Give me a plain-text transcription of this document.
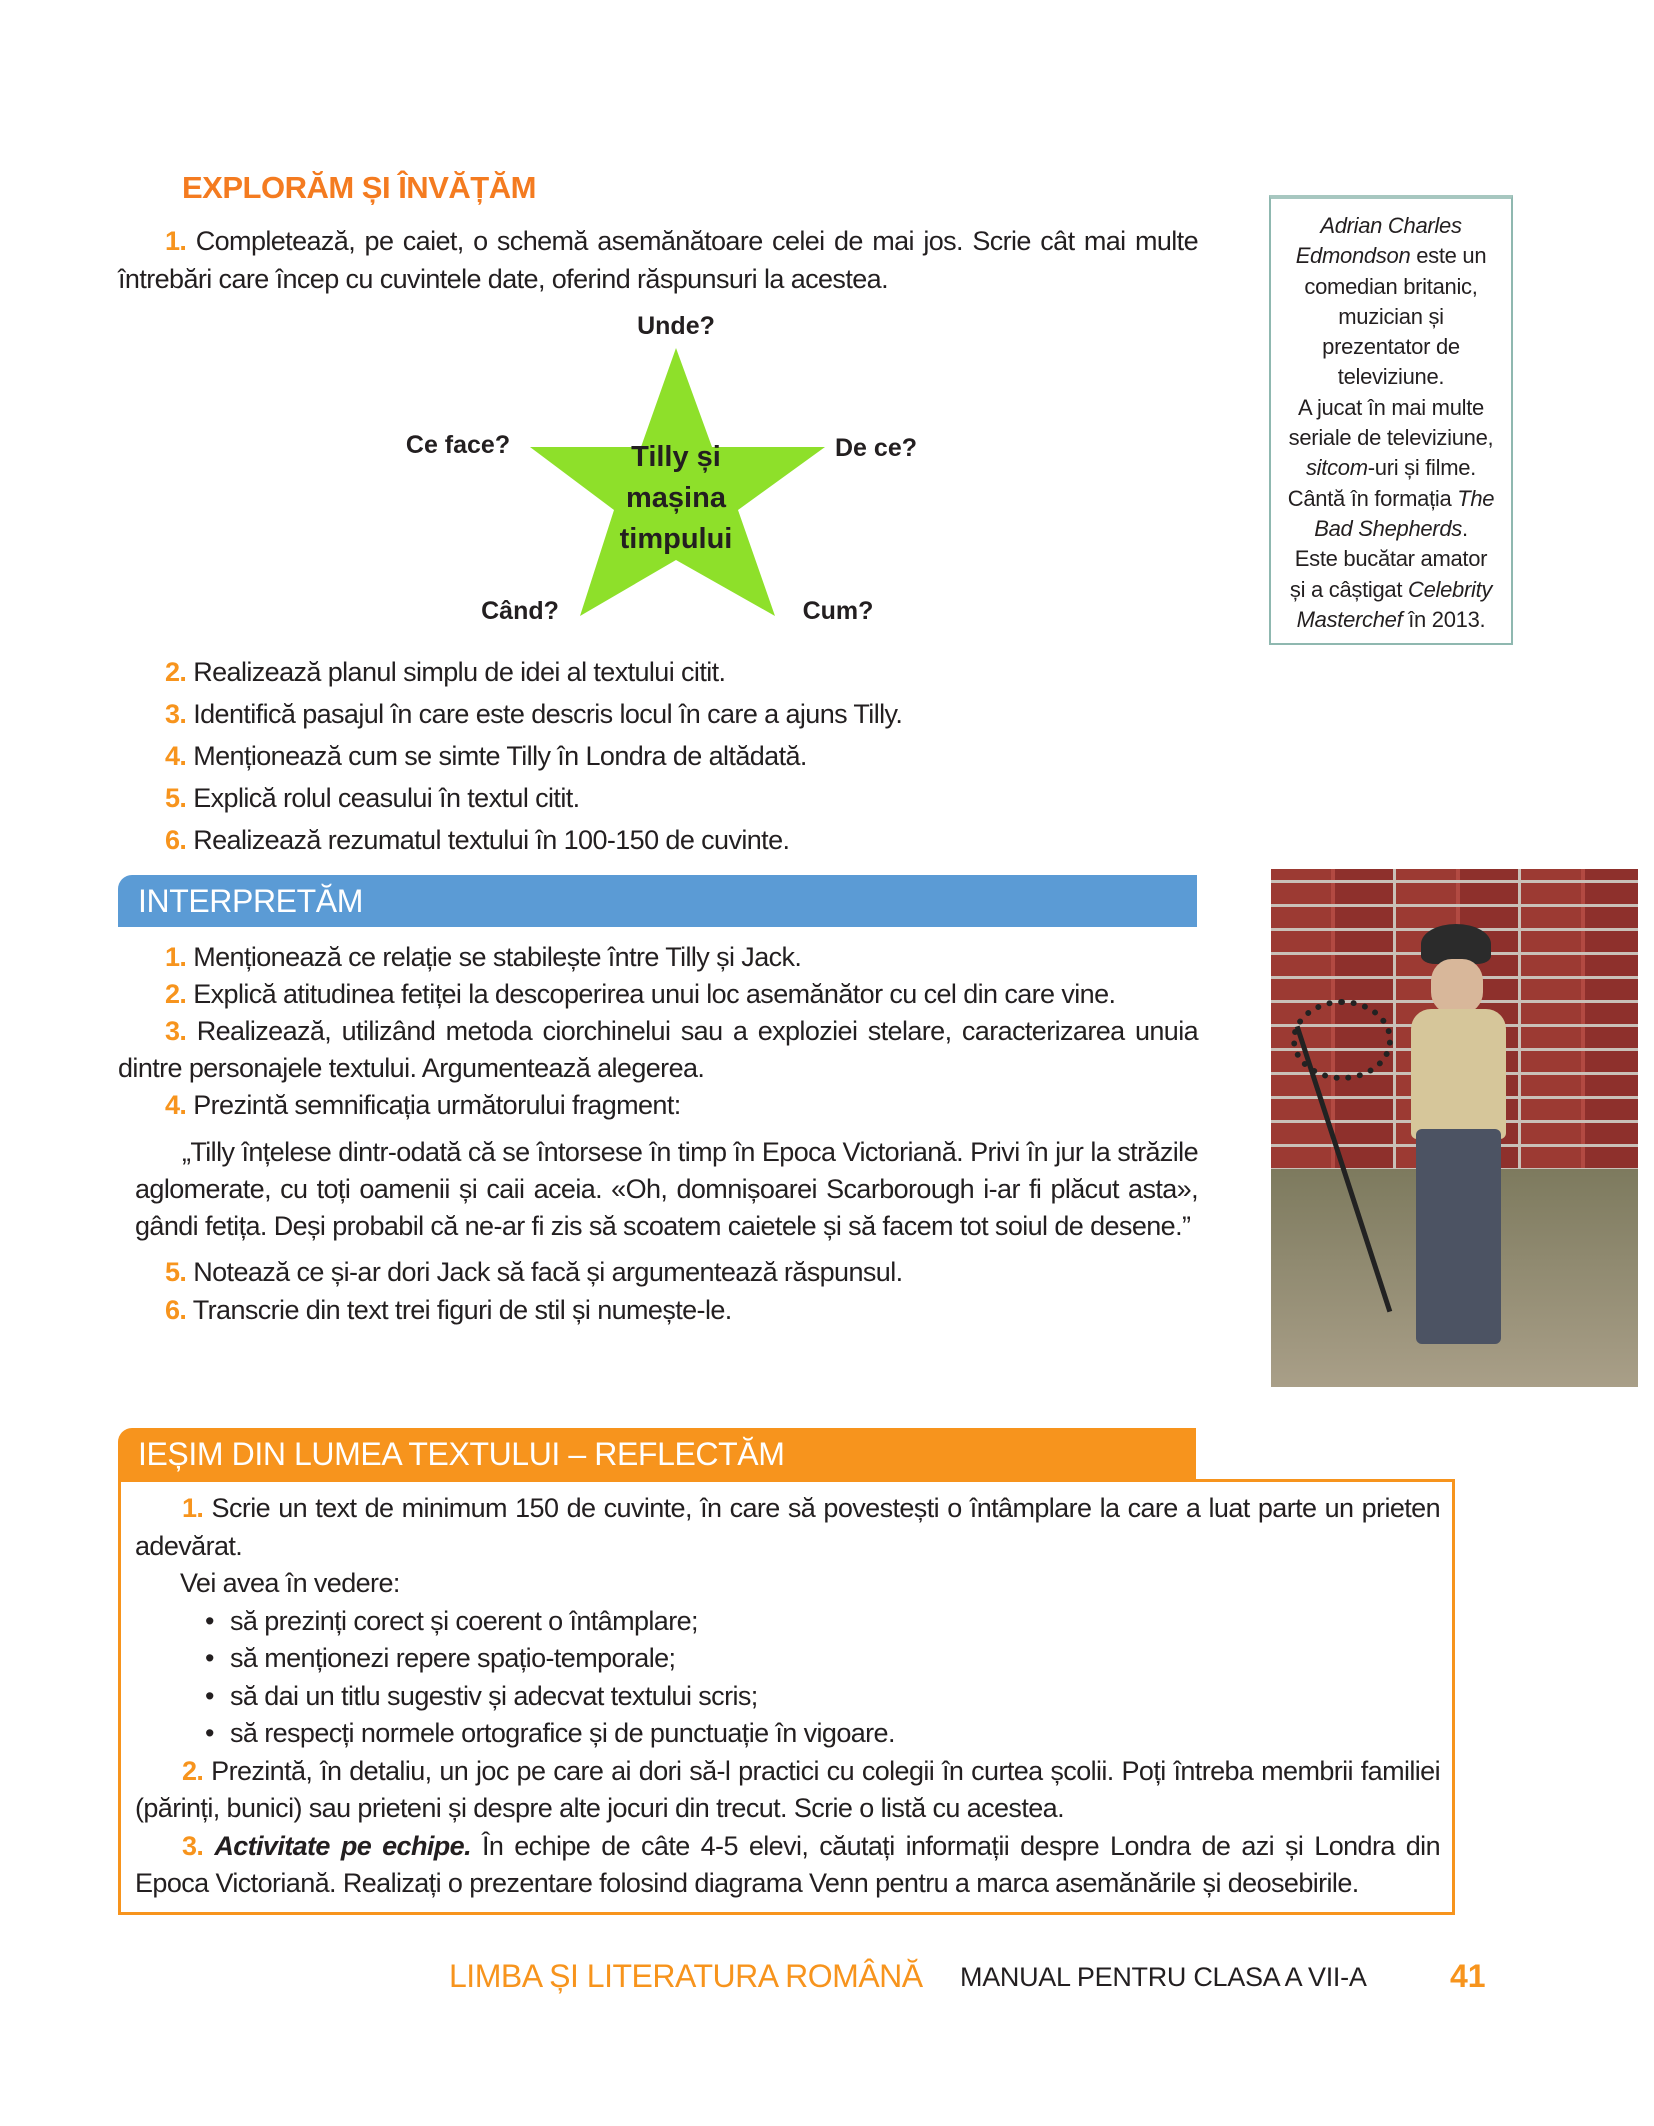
EXPLORĂM ȘI ÎNVĂȚĂM
1. Completează, pe caiet, o schemă asemănătoare celei de mai jos. Scrie cât mai multe întrebări care încep cu cuvintele date, oferind răspunsuri la acestea.
Unde?
Ce face?	De ce?
Când?	Cum?
Tilly și
mașina
timpului
2. Realizează planul simplu de idei al textului citit.
3. Identifică pasajul în care este descris locul în care a ajuns Tilly.
4. Menționează cum se simte Tilly în Londra de altădată.
5. Explică rolul ceasului în textul citit.
6. Realizează rezumatul textului în 100-150 de cuvinte.
Adrian Charles Edmondson este un comedian britanic, muzician și prezentator de televiziune.
A jucat în mai multe seriale de televiziune, sitcom-uri și filme.
Cântă în formația The Bad Shepherds.
Este bucătar amator și a câștigat Celebrity Masterchef în 2013.
INTERPRETĂM
1. Menționează ce relație se stabilește între Tilly și Jack.
2. Explică atitudinea fetiței la descoperirea unui loc asemănător cu cel din care vine.
3. Realizează, utilizând metoda ciorchinelui sau a exploziei stelare, caracterizarea unuia dintre personajele textului. Argumentează alegerea.
4. Prezintă semnificația următorului fragment:
„Tilly înțelese dintr-odată că se întorsese în timp în Epoca Victoriană. Privi în jur la străzile aglomerate, cu toți oamenii și caii aceia. «Oh, domnișoarei Scarborough i-ar fi plăcut asta», gândi fetița. Deși probabil că ne-ar fi zis să scoatem caietele și să facem tot soiul de desene.”
5. Notează ce și-ar dori Jack să facă și argumentează răspunsul.
6. Transcrie din text trei figuri de stil și numește-le.
IEȘIM DIN LUMEA TEXTULUI – REFLECTĂM
1. Scrie un text de minimum 150 de cuvinte, în care să povestești o întâmplare la care a luat parte un prieten adevărat.
Vei avea în vedere:
• să prezinți corect și coerent o întâmplare;
• să menționezi repere spațio-temporale;
• să dai un titlu sugestiv și adecvat textului scris;
• să respecți normele ortografice și de punctuație în vigoare.
2. Prezintă, în detaliu, un joc pe care ai dori să-l practici cu colegii în curtea școlii. Poți întreba membrii familiei (părinți, bunici) sau prieteni și despre alte jocuri din trecut. Scrie o listă cu acestea.
3. Activitate pe echipe. În echipe de câte 4-5 elevi, căutați informații despre Londra de azi și Londra din Epoca Victoriană. Realizați o prezentare folosind diagrama Venn pentru a marca asemănările și deosebirile.
LIMBA ȘI LITERATURA ROMÂNĂ MANUAL PENTRU CLASA A VII-A	41
